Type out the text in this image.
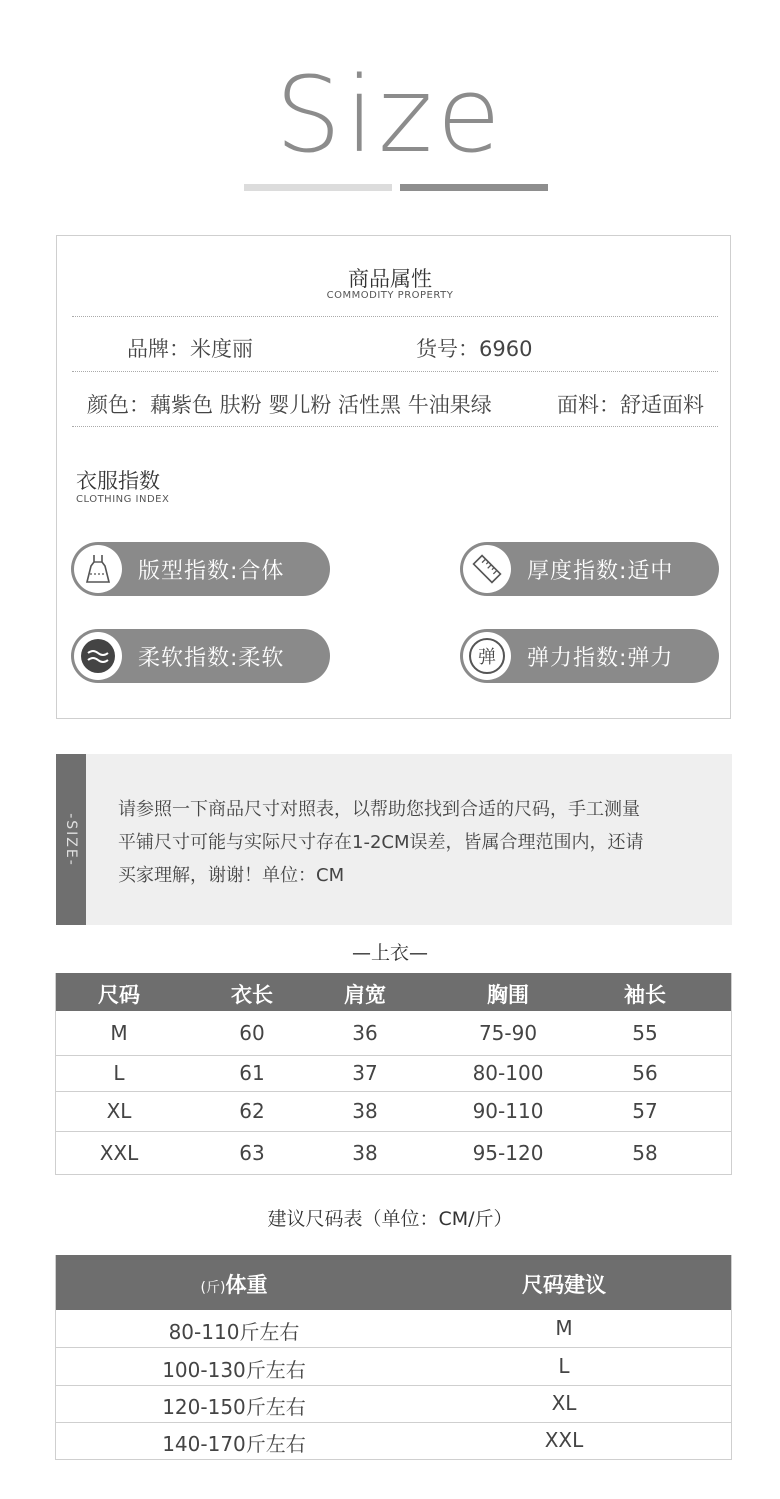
Size
商品属性
COMMODITY PROPERTY
品牌：米度丽	货号：6960
颜色：藕紫色 肤粉 婴儿粉 活性黑 牛油果绿	面料：舒适面料
衣服指数
CLOTHING INDEX
版型指数:合体	厚度指数:适中
柔软指数:柔软	弹	弹力指数:弹力
-SIZE-
请参照一下商品尺寸对照表，以帮助您找到合适的尺码，手工测量
平铺尺寸可能与实际尺寸存在1-2CM误差，皆属合理范围内，还请
买家理解，谢谢！单位：CM
—上衣—
尺码	衣长	肩宽	胸围	袖长
M	60	36	75-90	55
L	61	37	80-100	56
XL	62	38	90-110	57
XXL	63	38	95-120	58
建议尺码表（单位：CM/斤）
(斤)体重	尺码建议
80-110斤左右	M
100-130斤左右	L
120-150斤左右	XL
140-170斤左右	XXL
